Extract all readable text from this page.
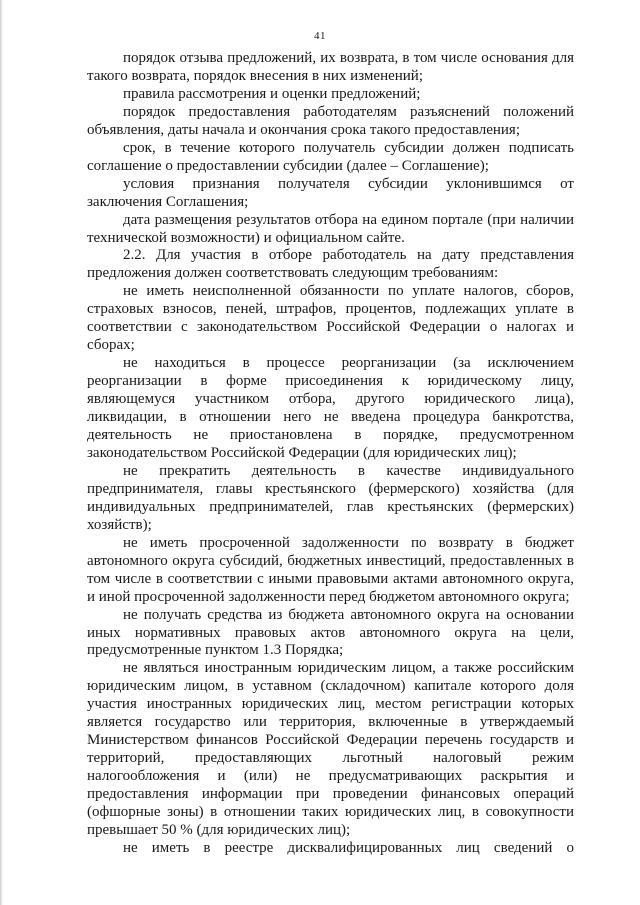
41

порядок отзыва предложений, их возврата, в том числе основания для такого возврата, порядок внесения в них изменений;

правила рассмотрения и оценки предложений;

порядок предоставления работодателям разъяснений положений объявления, даты начала и окончания срока такого предоставления;

срок, в течение которого получатель субсидии должен подписать соглашение о предоставлении субсидии (далее – Соглашение);

условия признания получателя субсидии уклонившимся от заключения Соглашения;

дата размещения результатов отбора на едином портале (при наличии технической возможности) и официальном сайте.

2.2. Для участия в отборе работодатель на дату представления предложения должен соответствовать следующим требованиям:

не иметь неисполненной обязанности по уплате налогов, сборов, страховых взносов, пеней, штрафов, процентов, подлежащих уплате в соответствии с законодательством Российской Федерации о налогах и сборах;

не находиться в процессе реорганизации (за исключением реорганизации в форме присоединения к юридическому лицу, являющемуся участником отбора, другого юридического лица), ликвидации, в отношении него не введена процедура банкротства, деятельность не приостановлена в порядке, предусмотренном законодательством Российской Федерации (для юридических лиц);

не прекратить деятельность в качестве индивидуального предпринимателя, главы крестьянского (фермерского) хозяйства (для индивидуальных предпринимателей, глав крестьянских (фермерских) хозяйств);

не иметь просроченной задолженности по возврату в бюджет автономного округа субсидий, бюджетных инвестиций, предоставленных в том числе в соответствии с иными правовыми актами автономного округа, и иной просроченной задолженности перед бюджетом автономного округа;

не получать средства из бюджета автономного округа на основании иных нормативных правовых актов автономного округа на цели, предусмотренные пунктом 1.3 Порядка;

не являться иностранным юридическим лицом, а также российским юридическим лицом, в уставном (складочном) капитале которого доля участия иностранных юридических лиц, местом регистрации которых является государство или территория, включенные в утверждаемый Министерством финансов Российской Федерации перечень государств и территорий, предоставляющих льготный налоговый режим налогообложения и (или) не предусматривающих раскрытия и предоставления информации при проведении финансовых операций (офшорные зоны) в отношении таких юридических лиц, в совокупности превышает 50 % (для юридических лиц);

не иметь в реестре дисквалифицированных лиц сведений о
